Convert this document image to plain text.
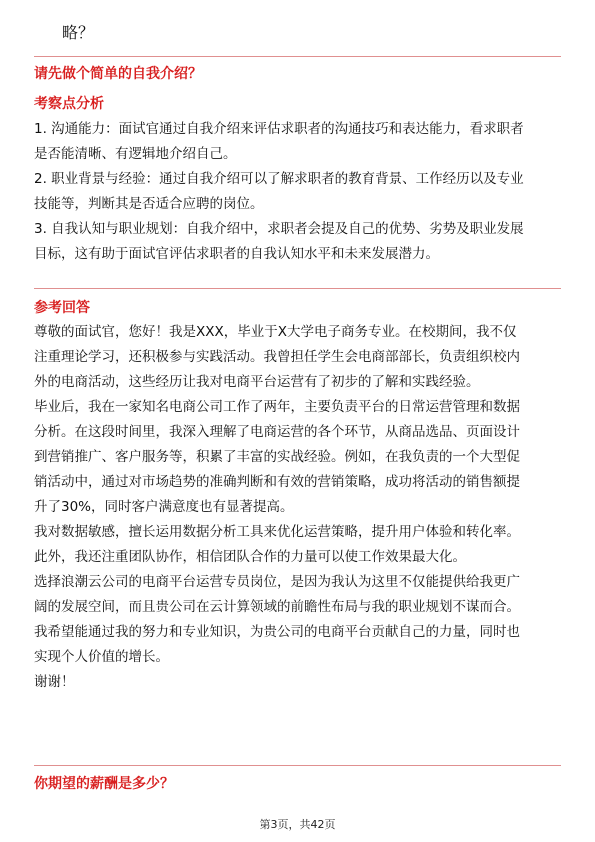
略？
请先做个简单的自我介绍？
考察点分析

1. 沟通能力：面试官通过自我介绍来评估求职者的沟通技巧和表达能力，看求职者

是否能清晰、有逻辑地介绍自己。

2. 职业背景与经验：通过自我介绍可以了解求职者的教育背景、工作经历以及专业

技能等，判断其是否适合应聘的岗位。

3. 自我认知与职业规划：自我介绍中，求职者会提及自己的优势、劣势及职业发展

目标，这有助于面试官评估求职者的自我认知水平和未来发展潜力。

参考回答

尊敬的面试官，您好！我是XXX，毕业于X大学电子商务专业。在校期间，我不仅

注重理论学习，还积极参与实践活动。我曾担任学生会电商部部长，负责组织校内

外的电商活动，这些经历让我对电商平台运营有了初步的了解和实践经验。

毕业后，我在一家知名电商公司工作了两年，主要负责平台的日常运营管理和数据

分析。在这段时间里，我深入理解了电商运营的各个环节，从商品选品、页面设计

到营销推广、客户服务等，积累了丰富的实战经验。例如，在我负责的一个大型促

销活动中，通过对市场趋势的准确判断和有效的营销策略，成功将活动的销售额提

升了30%，同时客户满意度也有显著提高。

我对数据敏感，擅长运用数据分析工具来优化运营策略，提升用户体验和转化率。

此外，我还注重团队协作，相信团队合作的力量可以使工作效果最大化。

选择浪潮云公司的电商平台运营专员岗位，是因为我认为这里不仅能提供给我更广

阔的发展空间，而且贵公司在云计算领域的前瞻性布局与我的职业规划不谋而合。

我希望能通过我的努力和专业知识，为贵公司的电商平台贡献自己的力量，同时也

实现个人价值的增长。

谢谢！

你期望的薪酬是多少？
第3页，共42页
